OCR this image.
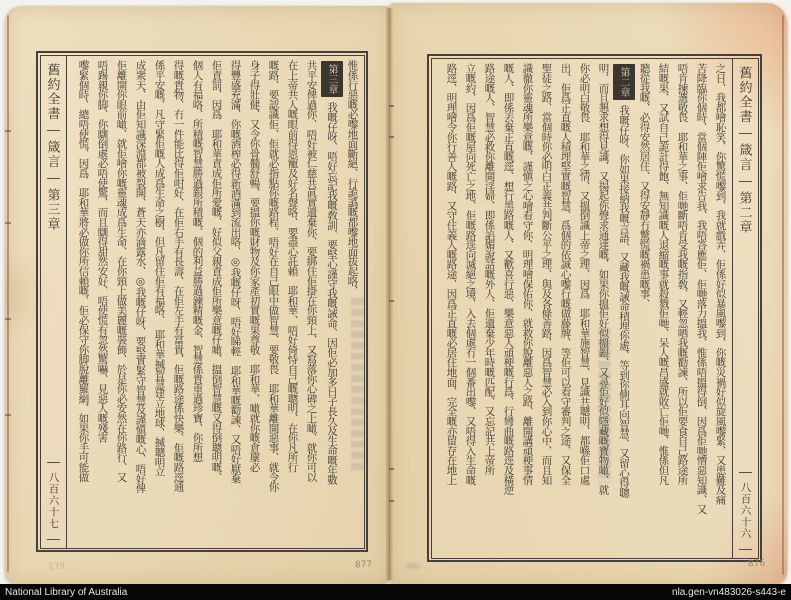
舊約全書
箴言
第三章
八百六十七
惟係行惡嘅必嚟地面斷絕、行詭譌嘅都嚟地面拔起咯、
第三章我嘅仔呀、唔好忘記我嘅敎訓、要堅心謹守我嘅誡命、因佢必加多日子長久及生命嘅年數
共平安俾過你、唔好被仁慈共眞實遺棄你、要綁住佢掛在你頸上、又寫落你心碑之上噉、就你可以
在上帝共人嘅眼前得恩寵及好名聲咯、要盡心託賴　耶和華、唔好倚恃自己嘅聰明、在你凡所行
嘅路、要認識佢、佢就必指點你嘅路程、唔好在自己眼中做智慧、要敬畏　耶和華離開惡事、就令你
身子得壯健、又令你骨髓舒暢、要搵你嘅財物及你家產初實嘅果尊敬　耶和華、噉就你嘅倉廩必
得豐盛充滿、你嘅酒榨必得新酒滿到流出咯、◎我嘅仔呀、唔好睇輕　耶和華嘅勸諫、又唔好厭棄
佢責罰、因爲　耶和華責成佢所愛嘅、好似父親責成佢所樂意嘅仔噉、搵倒智慧嘅又得倒聰明嘅、
個人有福咯、所積嘅智慧勝過銀所積嘅、個的利益勝過鍊精嘅金、智慧係貴重過珍寶、你所想
得嘅貴物、冇一件能比得佢咁好、在佢右手有長壽、在佢左手有富貴、佢嘅路途係快樂、佢嘅路逕通
係平安嘅、凡守緊佢嘅人成爲生命之樹、但凡留住佢有福咯、　耶和華搣智慧建立地球、搣聰明立
成衆天、由佢知識深淵都被裂開、蒼天亦滴露水、◎我嘅仔呀、要堅實緊守智慧及謹愼嘅心、唔好俾
佢離開你眼前噉、就佢噲你嘅靈魂成爲生命、在你頸上做美麗嘅裝飾、於是你必安然在你路行、又
唔踢親你脚、你瞓倒處必唔使驚、而且瞓得甜然安好、唔使慌有忽然驚嚇、見惡人嘅殘害
嚟緊個時、總唔使慌、因爲　耶和華將必做你所信賴嘅、佢必保守你脚脫離羅網、如果你手可能做
877
179
之日、我都噲恥笑、你驚慌嚟到、我就戲弄、佢係好似暴風嚟到、你嘅災禍好似旋風嚟緊、又患難及痛
苦降臨你個時、當個陣佢噲求告我、我唔答應佢、佢哋落力搵我、惟係唔搵得倒、因爲佢哋憎惡知識、又
唔肯揀選敬畏　耶和華之事、佢哋斷唔肯受我嘅指敎、又輕忽哂我嘅勸諫、所以佢要食自己路途所
結嘅果、又試自己詭計得飽、無知識嘅人退縮嘅事就殺戮佢哋、呆人嘅昌盛就敗亡佢哋、惟係但凡
聽從我嘅、必得安然居住、又得安靜冇驚慌嘅禍患嘅事、
第二章我嘅仔呀、你如果接納我嘅言語、又藏我嘅誡命積埋你處、等到你側耳向智慧、又留心得聰
明、而且懇求想得見識、又揚起你聲求通達嘅、如果你搵佢好似搵銀、又尋佢好似隱藏嘅寶物噉、就
你必明白敬畏　耶和華之情、又搵倒識上帝之理、因爲　耶和華施智慧、見識共聰明、都喺佢口處
出、佢爲正直嘅人積埋堅實嘅智慧、爲個的依誠心嚟行嘅做藤牌、等佢可以看守審判之途、又保全
聖徒之路、當個時你必明白正義共判斷公平之理、與及各條善路、因爲智慧必入到你心中、而且知
識徹你靈魂所樂意嘅、謹愼之心噲看守你、明理噲保佑你、就救你脫離惡人之路、離開講頑梗事情
嘅人、即係丟棄正直嘅逕、想行黑路嘅人、又歡喜行惡、樂意惡人頑梗嘅行爲、行彎曲嘅路逕及橫逆
路途嘅人、智慧必救你離開淫婦、即係諂媚說話嘅外人、佢遺棄少年時嘅匹配、又忘記共上帝所
立嘅約、因爲佢嘅屋向死亡之地、佢嘅路逕向滅絕之境、入去個處冇一個番出嚟、又唔得入生命嘅
路逕、明理噲令你行善人嘅路、又守住義人嘅路途、因爲正直嘅必居住地面、完全嘅亦留存在地上	舊約全書
箴言
第二章
八百六十六
876
National Library of Australia	nla.gen-vn483026-s443-e
